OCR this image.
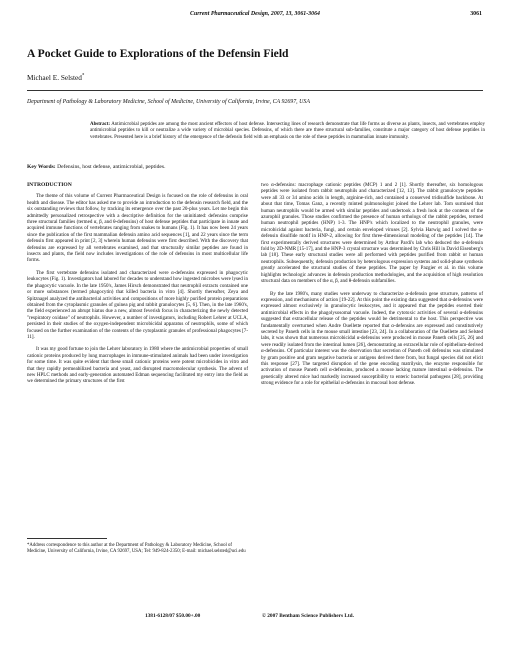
Current Pharmaceutical Design, 2007, 13, 3061-3064	3061
A Pocket Guide to Explorations of the Defensin Field
Michael E. Selsted*
Department of Pathology & Laboratory Medicine, School of Medicine, University of California, Irvine, CA 92697, USA
Abstract: Antimicrobial peptides are among the most ancient effectors of host defense. Intersecting lines of research demonstrate that life forms as diverse as plants, insects, and vertebrates employ antimicrobial peptides to kill or neutralize a wide variety of microbial species. Defensins, of which there are three structural sub-families, constitute a major category of host defense peptides in vertebrates. Presented here is a brief history of the emergence of the defensin field with an emphasis on the role of these peptides in mammalian innate immunity.
Key Words: Defensins, host defense, antimicrobial, peptides.
INTRODUCTION

The theme of this volume of Current Pharmaceutical Design is focused on the role of defensins in oral health and disease. The editor has asked me to provide an introduction to the defensin research field, and the six outstanding reviews that follow, by tracking its emergence over the past 20-plus years. Let me begin this admittedly personalized retrospective with a descriptive definition for the uninitiated: defensins comprise three structural families (termed α, β, and θ-defensins) of host defense peptides that participate in innate and acquired immune functions of vertebrates ranging from snakes to humans (Fig. 1). It has now been 24 years since the publication of the first mammalian defensin amino acid sequences [1], and 22 years since the term defensin first appeared in print [2, 3] wherein human defensins were first described. With the discovery that defensins are expressed by all vertebrates examined, and that structurally similar peptides are found in insects and plants, the field now includes investigations of the role of defensins in most multicellular life forms.

The first vertebrate defensins isolated and characterized were α-defensins expressed in phagocytic leukocytes (Fig. 1). Investigators had labored for decades to understand how ingested microbes were lysed in the phagocytic vacuole. In the late 1950's, James Hirsch demonstrated that neutrophil extracts contained one or more substances (termed phagocytin) that killed bacteria in vitro [4]. Shortly thereafter, Zeya and Spitznagel analyzed the antibacterial activities and compositions of more highly purified protein preparations obtained from the cytoplasmic granules of guinea pig and rabbit granulocytes [5, 6]. Then, in the late 1960's, the field experienced an abrupt hiatus due a new, almost feverish focus in characterizing the newly detected "respiratory oxidase" of neutrophils. However, a number of investigators, including Robert Lehrer at UCLA, persisted in their studies of the oxygen-independent microbicidal apparatus of neutrophils, some of which focused on the further examination of the contents of the cytoplasmic granules of professional phagocytes [7-11].

It was my good fortune to join the Lehrer laboratory in 1980 where the antimicrobial properties of small cationic proteins produced by lung macrophages in immune-stimulated animals had been under investigation for some time. It was quite evident that these small cationic proteins were potent microbicides in vitro and that they rapidly permeabilized bacteria and yeast, and disrupted macromolecular synthesis. The advent of new HPLC methods and early-generation automated Edman sequencing facilitated my entry into the field as we determined the primary structures of the first

*Address correspondence to this author at the Department of Pathology & Laboratory Medicine, School of Medicine, University of California, Irvine, CA 92697, USA; Tel: 949-824-2350; E-mail: michael.selsted@uci.edu

two α-defensins: macrophage cationic peptides (MCP) 1 and 2 [1]. Shortly thereafter, six homologous peptides were isolated from rabbit neutrophils and characterized [12, 13]. The rabbit granulocyte peptides were all 33 or 34 amino acids in length, arginine-rich, and contained a conserved tridisulfide backbone. At about that time, Tomas Ganz, a recently minted pulmonologist joined the Lehrer lab. Tom surmised that human neutrophils would be armed with similar peptides and undertook a fresh look at the contents of the azurophil granules. Those studies confirmed the presence of human orthologs of the rabbit peptides, termed human neutrophil peptides (HNP) 1-3. The HNP's which localized to the neutrophil granules, were microbicidal against bacteria, fungi, and certain enveloped viruses [2]. Sylvia Harwig and I solved the α-defensin disulfide motif in HNP-2, allowing for first three-dimensional modeling of the peptides [14]. The first experimentally derived structures were determined by Arthur Pardi's lab who deduced the α-defensin fold by 2D-NMR [15-17], and the HNP-3 crystal structure was determined by Chris Hill in David Eisenberg's lab [18]. These early structural studies were all performed with peptides purified from rabbit or human neutrophils. Subsequently, defensin production by heterologous expression systems and solid-phase synthesis greatly accelerated the structural studies of these peptides. The paper by Pazgier et al. in this volume highlights technologic advances in defensin production methodologies, and the acquisition of high resolution structural data on members of the α, β, and θ-defensin subfamilies.

By the late 1980's, many studies were underway to characterize α-defensin gene structure, patterns of expression, and mechanisms of action [19-22]. At this point the existing data suggested that α-defensins were expressed almost exclusively in granulocytic leukocytes, and it appeared that the peptides exerted their antimicrobial effects in the phagolysosomal vacuole. Indeed, the cytotoxic activities of several α-defensins suggested that extracellular release of the peptides would be detrimental to the host. This perspective was fundamentally overturned when Andre Ouellette reported that α-defensins are expressed and constitutively secreted by Paneth cells in the mouse small intestine [23, 24]. In a collaboration of the Ouellette and Selsted labs, it was shown that numerous microbicidal α-defensins were produced in mouse Paneth cells [25, 26] and were readily isolated from the intestinal lumen [26], demonstrating an extracellular role of epithelium-derived α-defensins. Of particular interest was the observation that secretion of Paneth cell defensins was stimulated by gram positive and gram negative bacteria or antigens derived there from, but fungal species did not elicit this response [27]. The targeted disruption of the gene encoding matrilysin, the enzyme responsible for activation of mouse Paneth cell α-defensins, produced a mouse lacking mature intestinal α-defensins. The genetically altered mice had markedly increased susceptibility to enteric bacterial pathogens [28], providing strong evidence for a role for epithelial α-defensins in mucosal host defense.

1381-6128/07 $50.00+.00	© 2007 Bentham Science Publishers Ltd.
